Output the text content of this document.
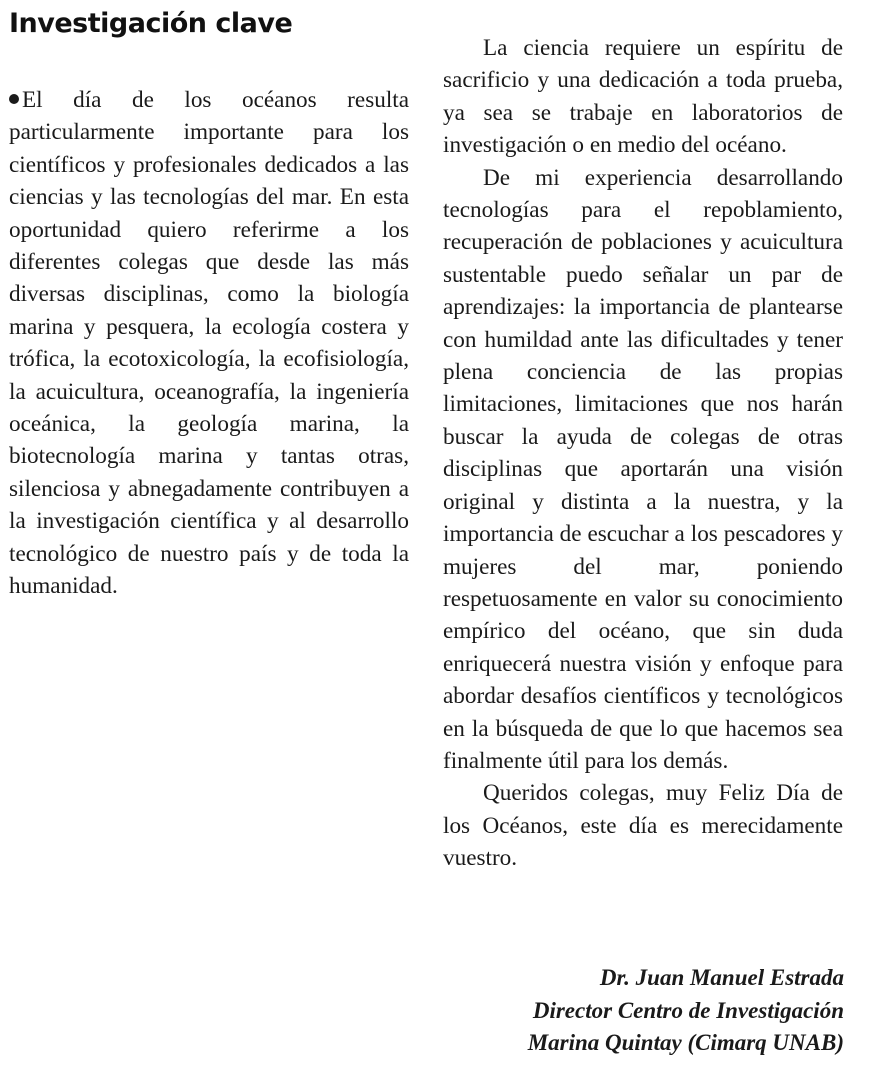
Investigación clave

El día de los océanos resulta particularmente importante para los científicos y profesionales dedicados a las ciencias y las tecnologías del mar. En esta oportunidad quiero referirme a los diferentes colegas que desde las más diversas disciplinas, como la biología marina y pesquera, la ecología costera y trófica, la ecotoxicología, la ecofisiología, la acuicultura, oceanografía, la ingeniería oceánica, la geología marina, la biotecnología marina y tantas otras, silenciosa y abnegadamente contribuyen a la investigación científica y al desarrollo tecnológico de nuestro país y de toda la humanidad.

La ciencia requiere un espíritu de sacrificio y una dedicación a toda prueba, ya sea se trabaje en laboratorios de investigación o en medio del océano.

De mi experiencia desarrollando tecnologías para el repoblamiento, recuperación de poblaciones y acuicultura sustentable puedo señalar un par de aprendizajes: la importancia de plantearse con humildad ante las dificultades y tener plena conciencia de las propias limitaciones, limitaciones que nos harán buscar la ayuda de colegas de otras disciplinas que aportarán una visión original y distinta a la nuestra, y la importancia de escuchar a los pescadores y mujeres del mar, poniendo respetuosamente en valor su conocimiento empírico del océano, que sin duda enriquecerá nuestra visión y enfoque para abordar desafíos científicos y tecnológicos en la búsqueda de que lo que hacemos sea finalmente útil para los demás.

Queridos colegas, muy Feliz Día de los Océanos, este día es merecidamente vuestro.

Dr. Juan Manuel Estrada
Director Centro de Investigación
Marina Quintay (Cimarq UNAB)
